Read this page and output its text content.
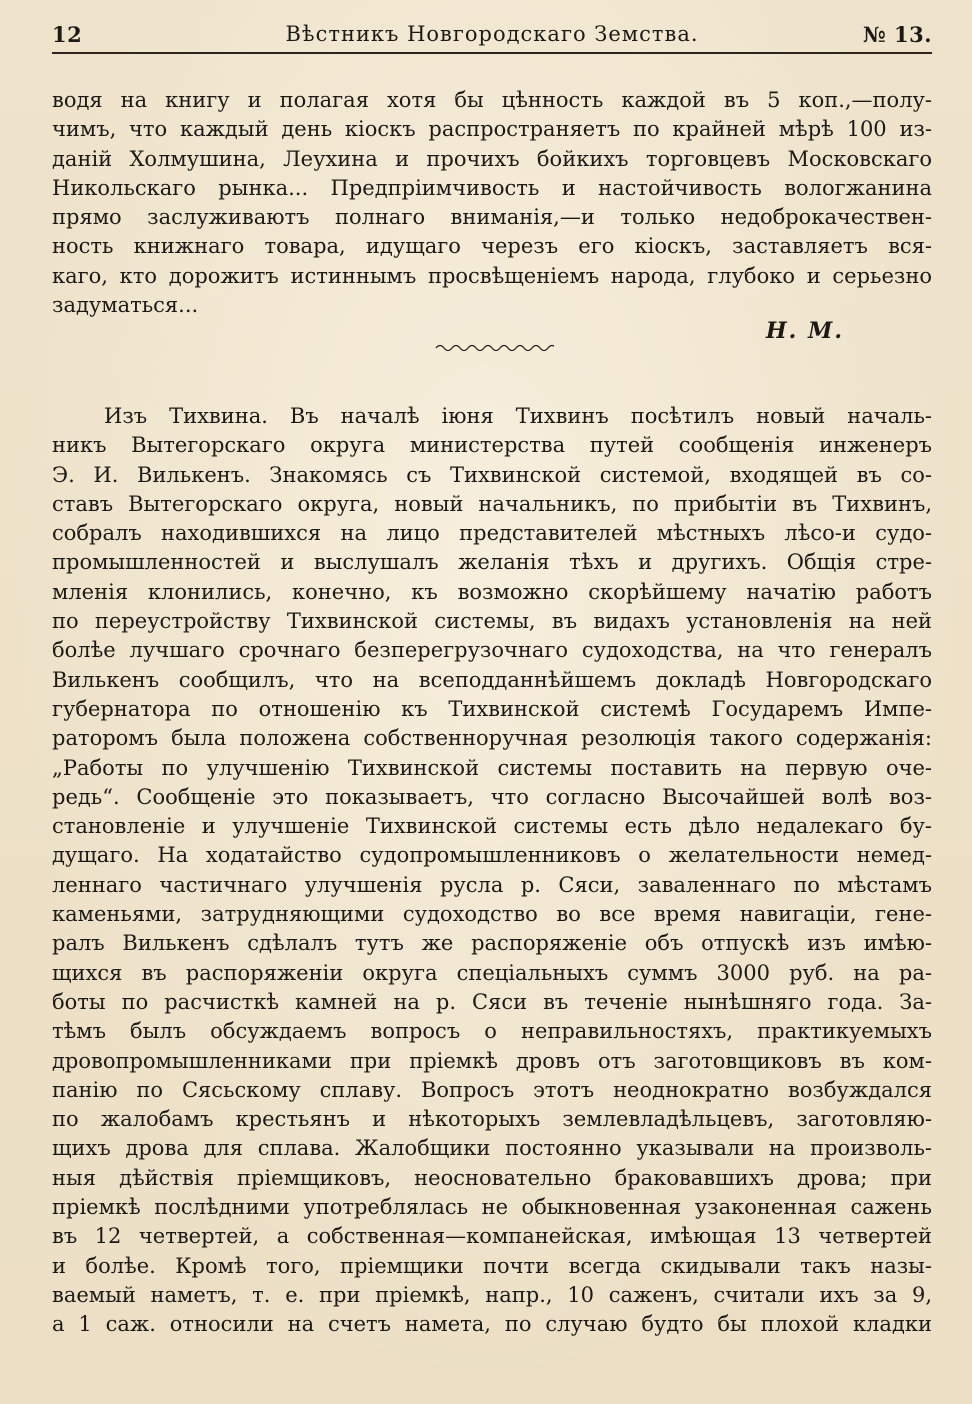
12	Вѣстникъ Новгородскаго Земства.	№ 13.
водя на книгу и полагая хотя бы цѣнность каждой въ 5 коп.,—полу-
чимъ, что каждый день кіоскъ распространяетъ по крайней мѣрѣ 100 из-
даній Холмушина, Леухина и прочихъ бойкихъ торговцевъ Московскаго
Никольскаго рынка... Предпріимчивость и настойчивость вологжанина
прямо заслуживаютъ полнаго вниманія,—и только недоброкачествен-
ность книжнаго товара, идущаго черезъ его кіоскъ, заставляетъ вся-
каго, кто дорожитъ истиннымъ просвѣщеніемъ народа, глубоко и серьезно
задуматься...
Н. М.
Изъ Тихвина. Въ началѣ іюня Тихвинъ посѣтилъ новый началь-
никъ Вытегорскаго округа министерства путей сообщенія инженеръ
Э. И. Вилькенъ. Знакомясь съ Тихвинской системой, входящей въ со-
ставъ Вытегорскаго округа, новый начальникъ, по прибытіи въ Тихвинъ,
собралъ находившихся на лицо представителей мѣстныхъ лѣсо-и судо-
промышленностей и выслушалъ желанія тѣхъ и другихъ. Общія стре-
мленія клонились, конечно, къ возможно скорѣйшему начатію работъ
по переустройству Тихвинской системы, въ видахъ установленія на ней
болѣе лучшаго срочнаго безперегрузочнаго судоходства, на что генералъ
Вилькенъ сообщилъ, что на всеподданнѣйшемъ докладѣ Новгородскаго
губернатора по отношенію къ Тихвинской системѣ Государемъ Импе-
раторомъ была положена собственноручная резолюція такого содержанія:
„Работы по улучшенію Тихвинской системы поставить на первую оче-
редь“. Сообщеніе это показываетъ, что согласно Высочайшей волѣ воз-
становленіе и улучшеніе Тихвинской системы есть дѣло недалекаго бу-
дущаго. На ходатайство судопромышленниковъ о желательности немед-
леннаго частичнаго улучшенія русла р. Сяси, заваленнаго по мѣстамъ
каменьями, затрудняющими судоходство во все время навигаціи, гене-
ралъ Вилькенъ сдѣлалъ тутъ же распоряженіе объ отпускѣ изъ имѣю-
щихся въ распоряженіи округа спеціальныхъ суммъ 3000 руб. на ра-
боты по расчисткѣ камней на р. Сяси въ теченіе нынѣшняго года. За-
тѣмъ былъ обсуждаемъ вопросъ о неправильностяхъ, практикуемыхъ
дровопромышленниками при пріемкѣ дровъ отъ заготовщиковъ въ ком-
панію по Сясьскому сплаву. Вопросъ этотъ неоднократно возбуждался
по жалобамъ крестьянъ и нѣкоторыхъ землевладѣльцевъ, заготовляю-
щихъ дрова для сплава. Жалобщики постоянно указывали на произволь-
ныя дѣйствія пріемщиковъ, неосновательно браковавшихъ дрова; при
пріемкѣ послѣдними употреблялась не обыкновенная узаконенная сажень
въ 12 четвертей, а собственная—компанейская, имѣющая 13 четвертей
и болѣе. Кромѣ того, пріемщики почти всегда скидывали такъ назы-
ваемый наметъ, т. е. при пріемкѣ, напр., 10 саженъ, считали ихъ за 9,
а 1 саж. относили на счетъ намета, по случаю будто бы плохой кладки
